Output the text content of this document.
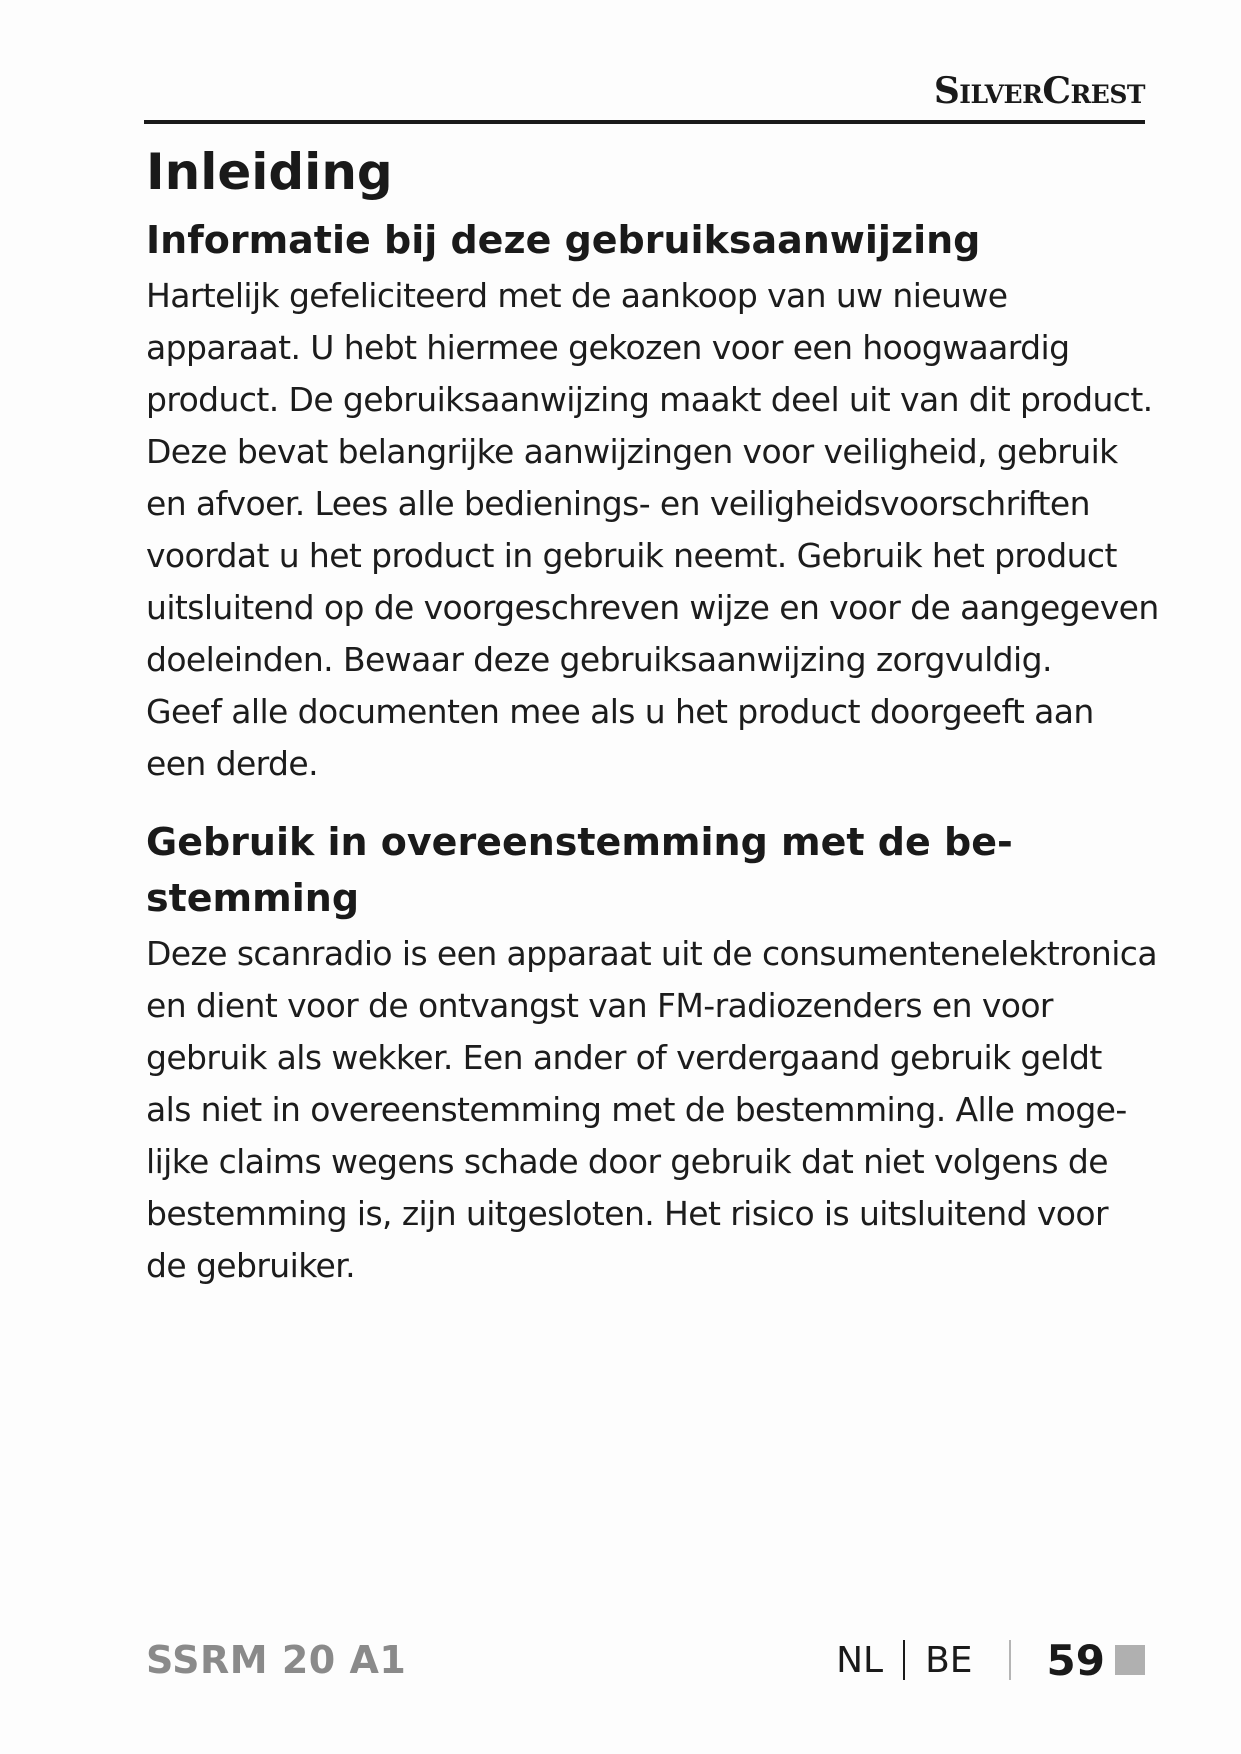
SilverCrest
Inleiding
Informatie bij deze gebruiksaanwijzing

Hartelijk gefeliciteerd met de aankoop van uw nieuwe
apparaat. U hebt hiermee gekozen voor een hoogwaardig
product. De gebruiksaanwijzing maakt deel uit van dit product.
Deze bevat belangrijke aanwijzingen voor veiligheid, gebruik
en afvoer. Lees alle bedienings- en veiligheidsvoorschriften
voordat u het product in gebruik neemt. Gebruik het product
uitsluitend op de voorgeschreven wijze en voor de aangegeven
doeleinden. Bewaar deze gebruiksaanwijzing zorgvuldig.
Geef alle documenten mee als u het product doorgeeft aan
een derde.

Gebruik in overeenstemming met de be-
stemming

Deze scanradio is een apparaat uit de consumentenelektronica
en dient voor de ontvangst van FM-radiozenders en voor
gebruik als wekker. Een ander of verdergaand gebruik geldt
als niet in overeenstemming met de bestemming. Alle moge-
lijke claims wegens schade door gebruik dat niet volgens de
bestemming is, zijn uitgesloten. Het risico is uitsluitend voor
de gebruiker.

SSRM 20 A1	NL BE 59
